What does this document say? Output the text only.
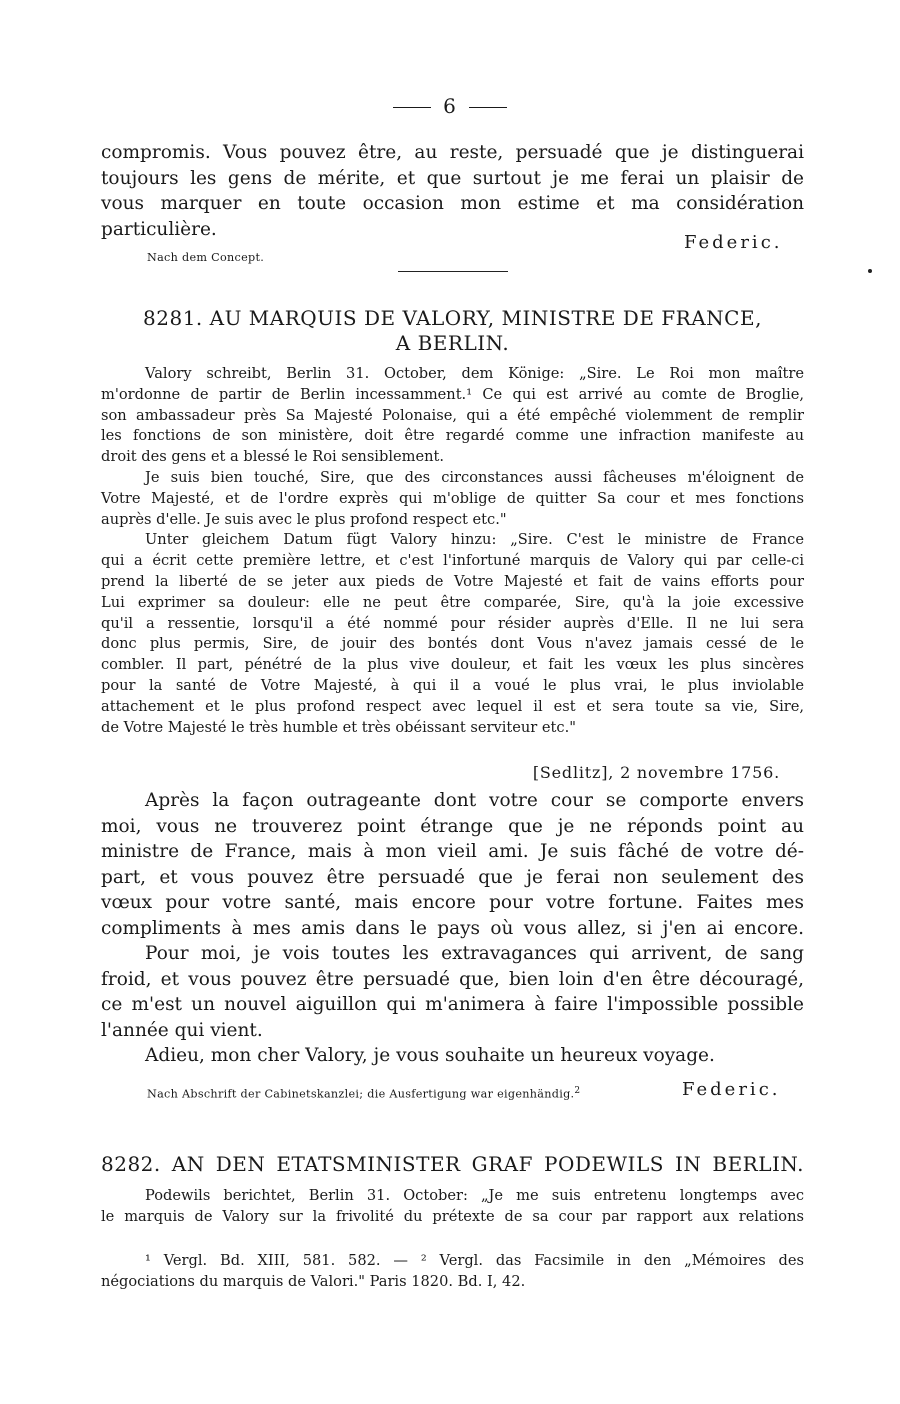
6
compromis. Vous pouvez être, au reste, persuadé que je distinguerai
toujours les gens de mérite, et que surtout je me ferai un plaisir de
vous marquer en toute occasion mon estime et ma considération
particulière.
Federic.
Nach dem Concept.
8281. AU MARQUIS DE VALORY, MINISTRE DE FRANCE,
A BERLIN.
Valory schreibt, Berlin 31. October, dem Könige: „Sire. Le Roi mon maître
m'ordonne de partir de Berlin incessamment.¹ Ce qui est arrivé au comte de Broglie,
son ambassadeur près Sa Majesté Polonaise, qui a été empêché violemment de remplir
les fonctions de son ministère, doit être regardé comme une infraction manifeste au
droit des gens et a blessé le Roi sensiblement.
Je suis bien touché, Sire, que des circonstances aussi fâcheuses m'éloignent de
Votre Majesté, et de l'ordre exprès qui m'oblige de quitter Sa cour et mes fonctions
auprès d'elle. Je suis avec le plus profond respect etc."
Unter gleichem Datum fügt Valory hinzu: „Sire. C'est le ministre de France
qui a écrit cette première lettre, et c'est l'infortuné marquis de Valory qui par celle-ci
prend la liberté de se jeter aux pieds de Votre Majesté et fait de vains efforts pour
Lui exprimer sa douleur: elle ne peut être comparée, Sire, qu'à la joie excessive
qu'il a ressentie, lorsqu'il a été nommé pour résider auprès d'Elle. Il ne lui sera
donc plus permis, Sire, de jouir des bontés dont Vous n'avez jamais cessé de le
combler. Il part, pénétré de la plus vive douleur, et fait les vœux les plus sincères
pour la santé de Votre Majesté, à qui il a voué le plus vrai, le plus inviolable
attachement et le plus profond respect avec lequel il est et sera toute sa vie, Sire,
de Votre Majesté le très humble et très obéissant serviteur etc."
[Sedlitz], 2 novembre 1756.
Après la façon outrageante dont votre cour se comporte envers
moi, vous ne trouverez point étrange que je ne réponds point au
ministre de France, mais à mon vieil ami. Je suis fâché de votre dé-
part, et vous pouvez être persuadé que je ferai non seulement des
vœux pour votre santé, mais encore pour votre fortune. Faites mes
compliments à mes amis dans le pays où vous allez, si j'en ai encore.
Pour moi, je vois toutes les extravagances qui arrivent, de sang
froid, et vous pouvez être persuadé que, bien loin d'en être découragé,
ce m'est un nouvel aiguillon qui m'animera à faire l'impossible possible
l'année qui vient.
Adieu, mon cher Valory, je vous souhaite un heureux voyage.
Nach Abschrift der Cabinetskanzlei; die Ausfertigung war eigenhändig.$^2$	Federic.
8282. AN DEN ETATSMINISTER GRAF PODEWILS IN BERLIN.
Podewils berichtet, Berlin 31. October: „Je me suis entretenu longtemps avec
le marquis de Valory sur la frivolité du prétexte de sa cour par rapport aux relations
¹ Vergl. Bd. XIII, 581. 582. — ² Vergl. das Facsimile in den „Mémoires des
négociations du marquis de Valori." Paris 1820. Bd. I, 42.
